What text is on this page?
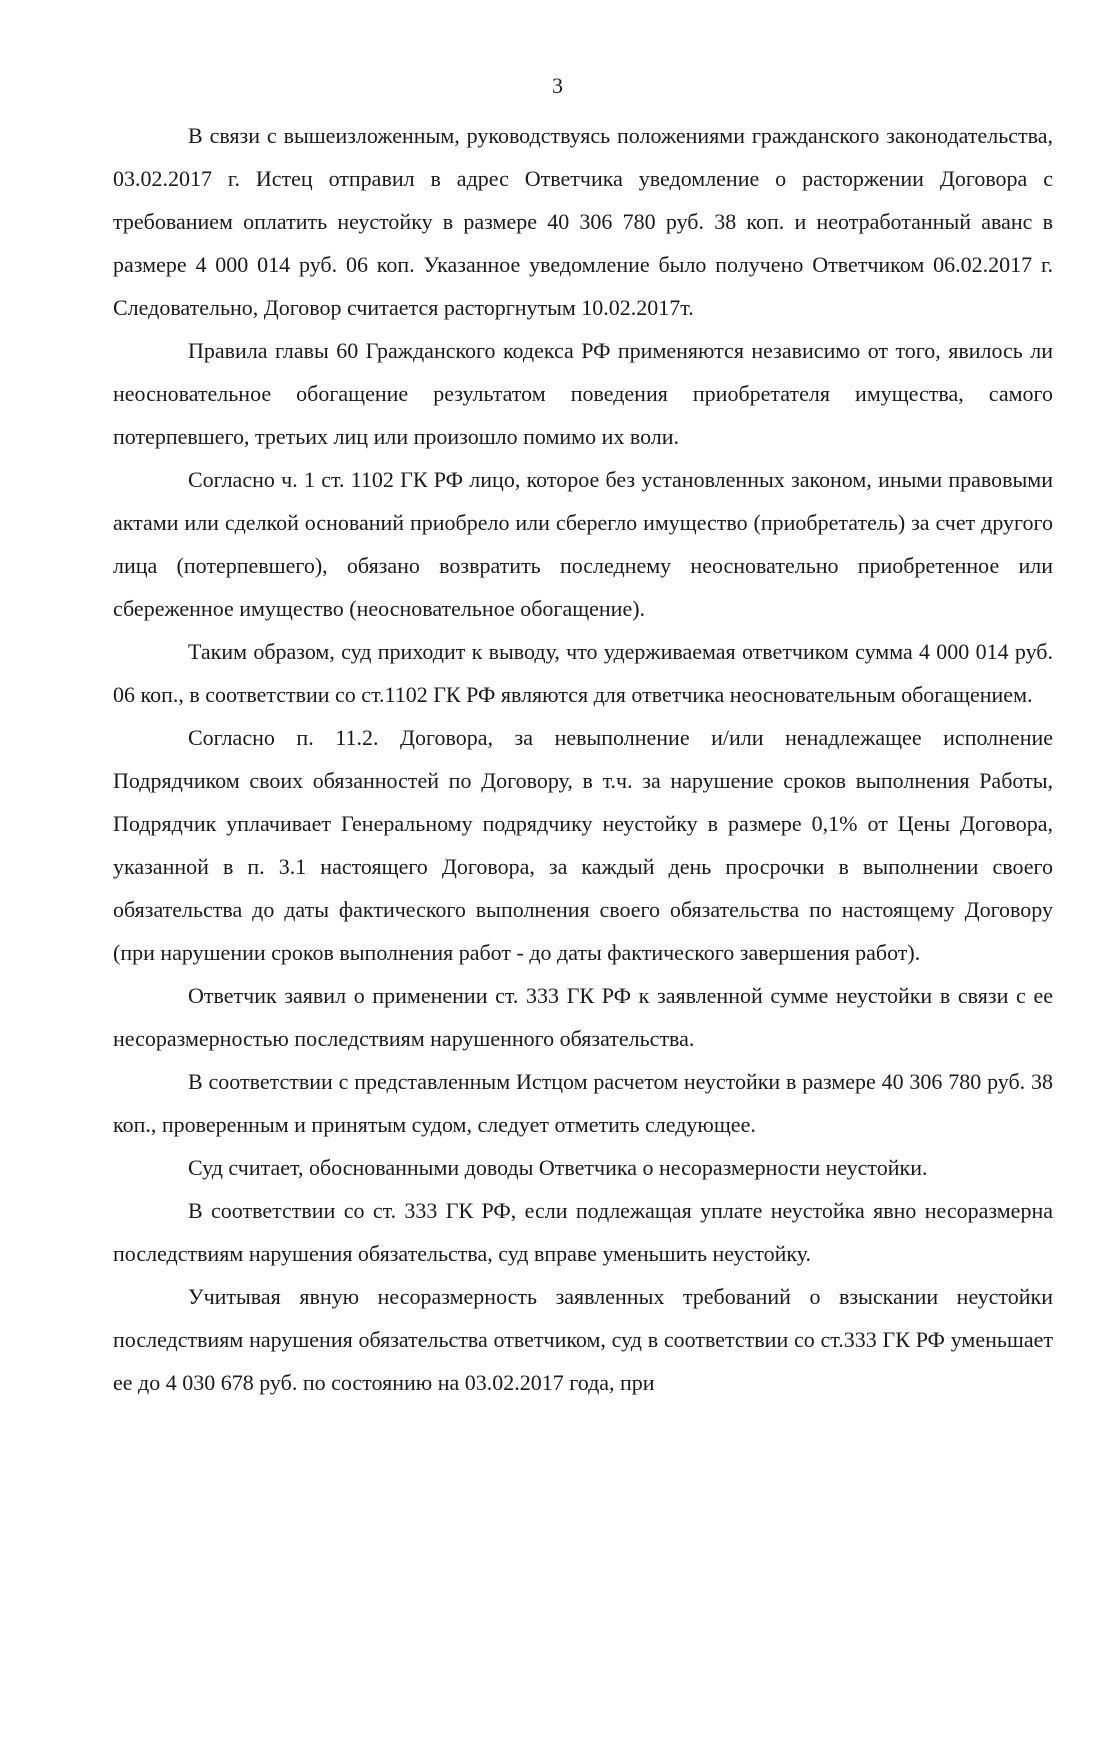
3

В связи с вышеизложенным, руководствуясь положениями гражданского законодательства, 03.02.2017 г. Истец отправил в адрес Ответчика уведомление о расторжении Договора с требованием оплатить неустойку в размере 40 306 780 руб. 38 коп. и неотработанный аванс в размере 4 000 014 руб. 06 коп. Указанное уведомление было получено Ответчиком 06.02.2017 г. Следовательно, Договор считается расторгнутым 10.02.2017т.

Правила главы 60 Гражданского кодекса РФ применяются независимо от того, явилось ли неосновательное обогащение результатом поведения приобретателя имущества, самого потерпевшего, третьих лиц или произошло помимо их воли.

Согласно ч. 1 ст. 1102 ГК РФ лицо, которое без установленных законом, иными правовыми актами или сделкой оснований приобрело или сберегло имущество (приобретатель) за счет другого лица (потерпевшего), обязано возвратить последнему неосновательно приобретенное или сбереженное имущество (неосновательное обогащение).

Таким образом, суд приходит к выводу, что удерживаемая ответчиком сумма 4 000 014 руб. 06 коп., в соответствии со ст.1102 ГК РФ являются для ответчика неосновательным обогащением.

Согласно п. 11.2. Договора, за невыполнение и/или ненадлежащее исполнение Подрядчиком своих обязанностей по Договору, в т.ч. за нарушение сроков выполнения Работы, Подрядчик уплачивает Генеральному подрядчику неустойку в размере 0,1% от Цены Договора, указанной в п. 3.1 настоящего Договора, за каждый день просрочки в выполнении своего обязательства до даты фактического выполнения своего обязательства по настоящему Договору (при нарушении сроков выполнения работ - до даты фактического завершения работ).

Ответчик заявил о применении ст. 333 ГК РФ к заявленной сумме неустойки в связи с ее несоразмерностью последствиям нарушенного обязательства.

В соответствии с представленным Истцом расчетом неустойки в размере 40 306 780 руб. 38 коп., проверенным и принятым судом, следует отметить следующее.

Суд считает, обоснованными доводы Ответчика о несоразмерности неустойки.

В соответствии со ст. 333 ГК РФ, если подлежащая уплате неустойка явно несоразмерна последствиям нарушения обязательства, суд вправе уменьшить неустойку.

Учитывая явную несоразмерность заявленных требований о взыскании неустойки последствиям нарушения обязательства ответчиком, суд в соответствии со ст.333 ГК РФ уменьшает ее до 4 030 678 руб. по состоянию на 03.02.2017 года, при
